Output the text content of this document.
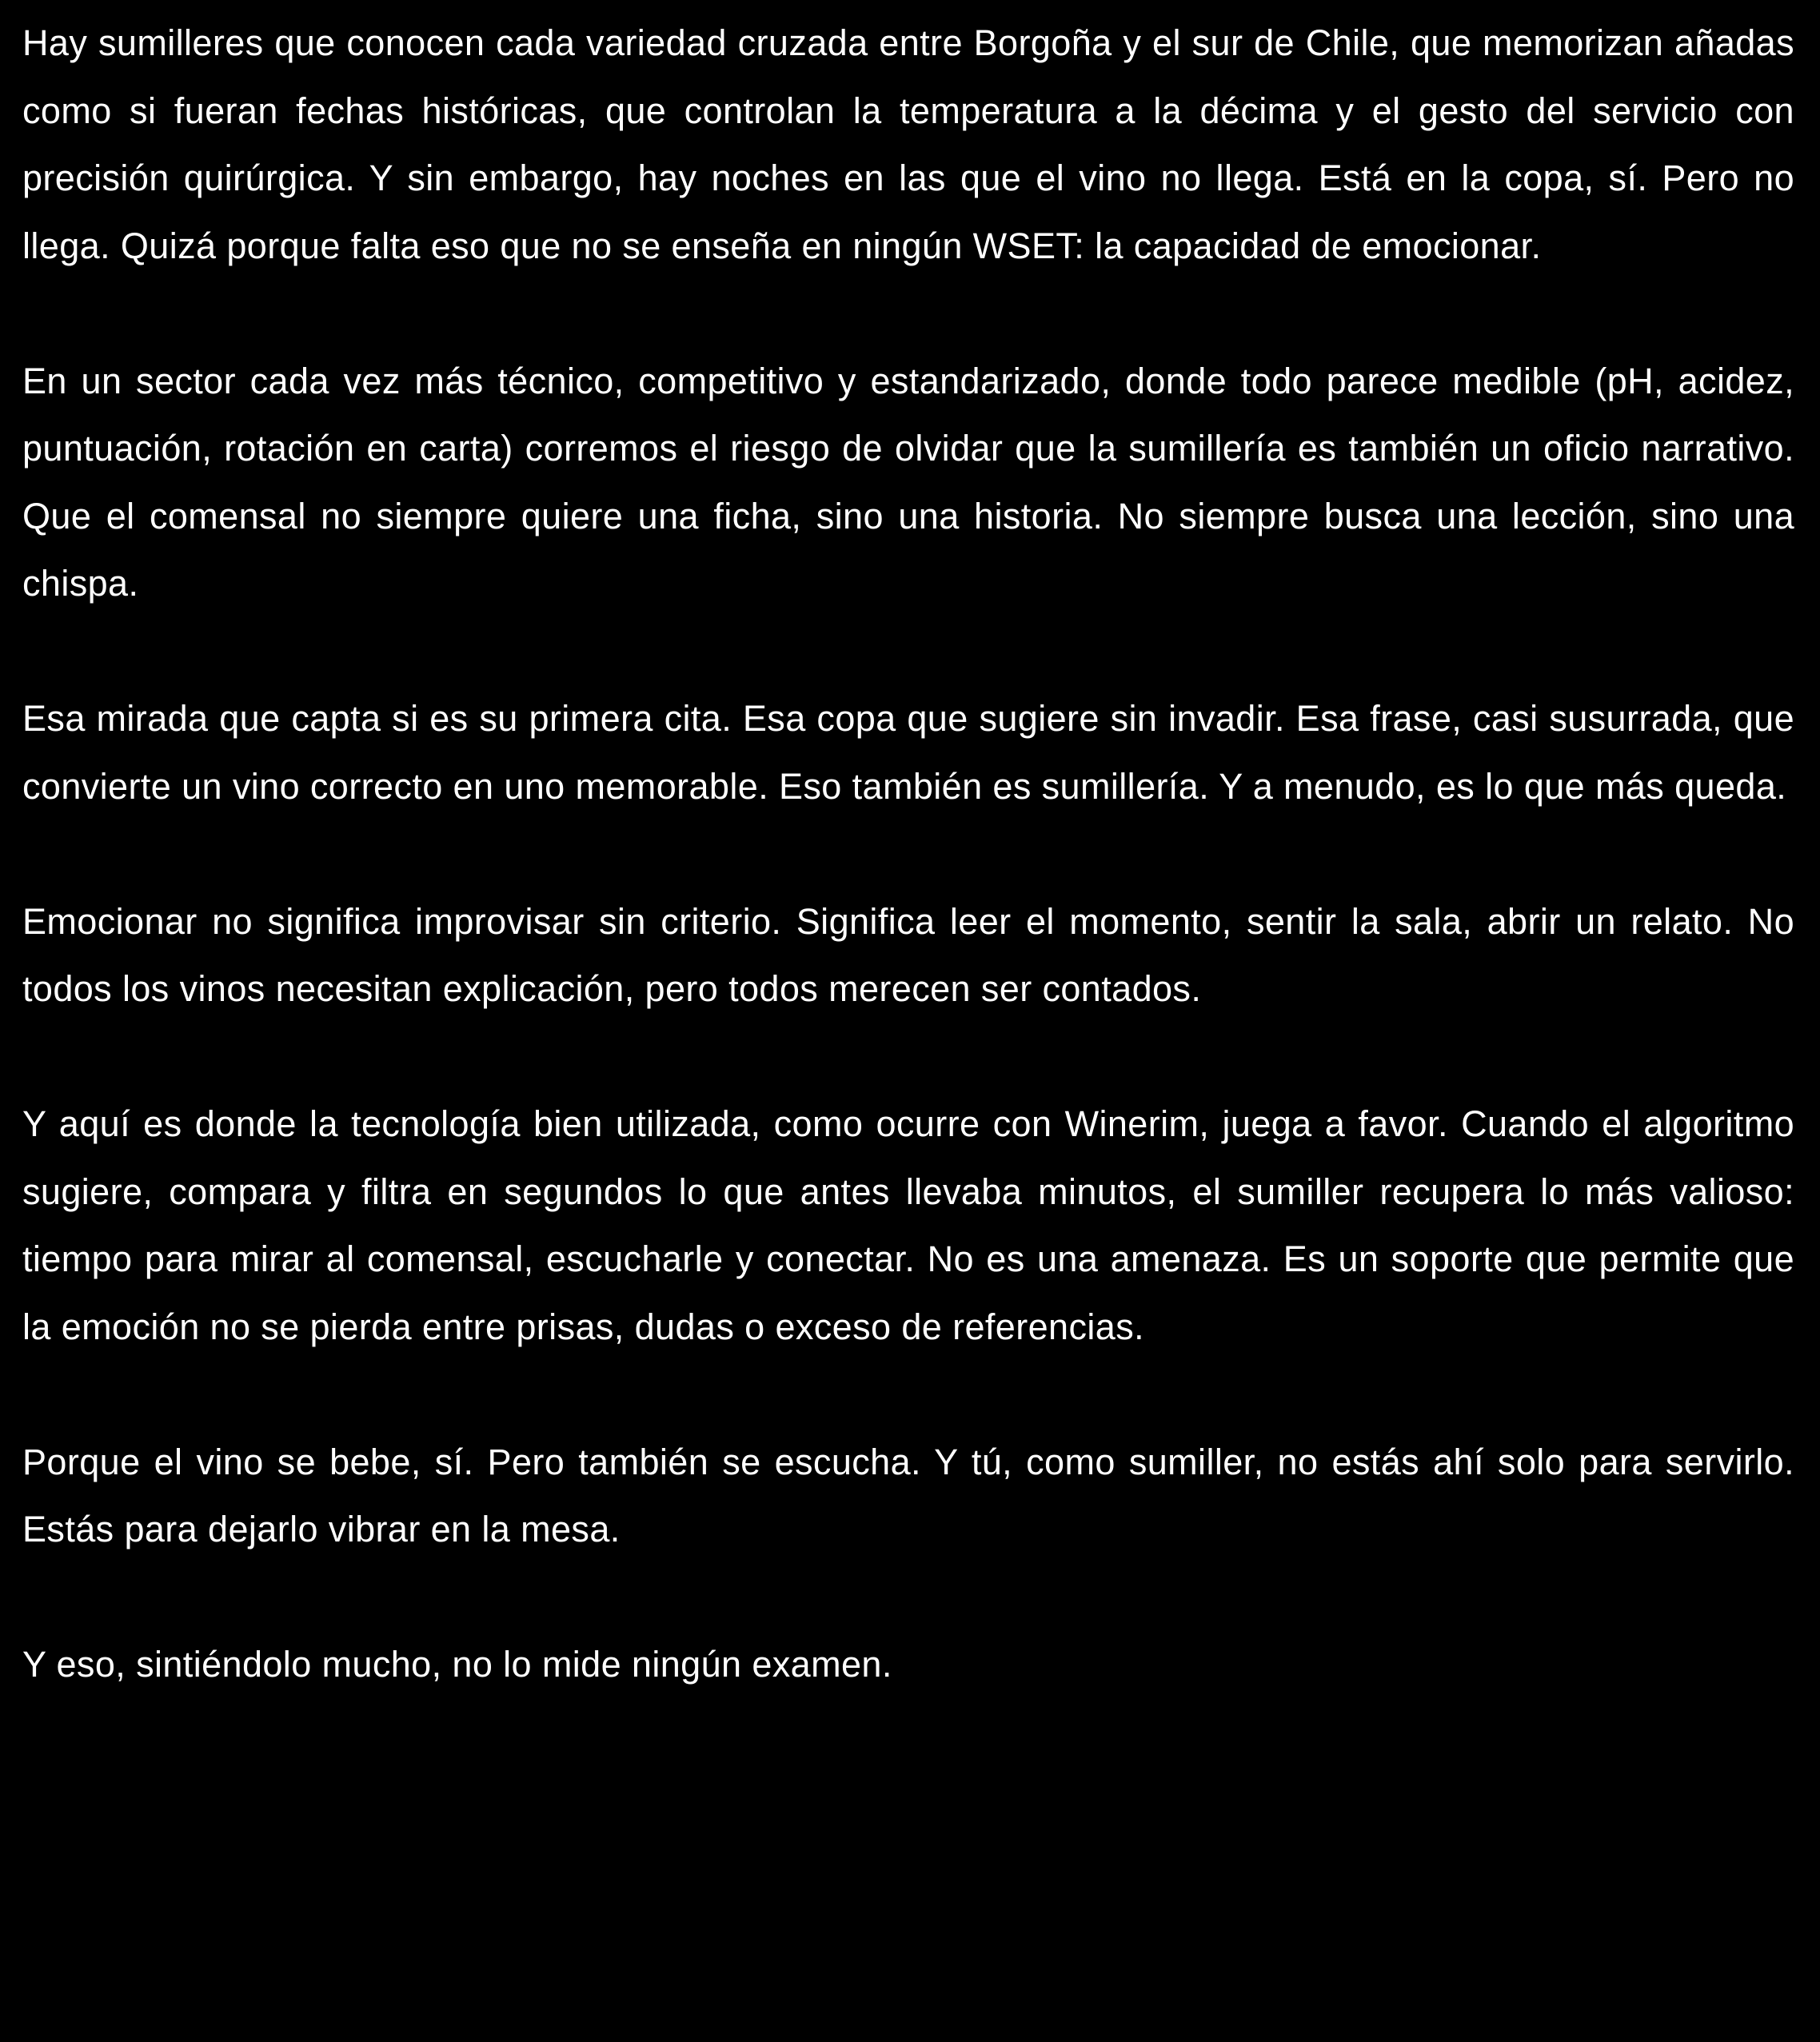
Hay sumilleres que conocen cada variedad cruzada entre Borgoña y el sur de Chile, que memorizan añadas como si fueran fechas históricas, que controlan la temperatura a la décima y el gesto del servicio con precisión quirúrgica. Y sin embargo, hay noches en las que el vino no llega. Está en la copa, sí. Pero no llega. Quizá porque falta eso que no se enseña en ningún WSET: la capacidad de emocionar.

En un sector cada vez más técnico, competitivo y estandarizado, donde todo parece medible (pH, acidez, puntuación, rotación en carta) corremos el riesgo de olvidar que la sumillería es también un oficio narrativo. Que el comensal no siempre quiere una ficha, sino una historia. No siempre busca una lección, sino una chispa.

Esa mirada que capta si es su primera cita. Esa copa que sugiere sin invadir. Esa frase, casi susurrada, que convierte un vino correcto en uno memorable. Eso también es sumillería. Y a menudo, es lo que más queda.

Emocionar no significa improvisar sin criterio. Significa leer el momento, sentir la sala, abrir un relato. No todos los vinos necesitan explicación, pero todos merecen ser contados.

Y aquí es donde la tecnología bien utilizada, como ocurre con Winerim, juega a favor. Cuando el algoritmo sugiere, compara y filtra en segundos lo que antes llevaba minutos, el sumiller recupera lo más valioso: tiempo para mirar al comensal, escucharle y conectar. No es una amenaza. Es un soporte que permite que la emoción no se pierda entre prisas, dudas o exceso de referencias.

Porque el vino se bebe, sí. Pero también se escucha. Y tú, como sumiller, no estás ahí solo para servirlo. Estás para dejarlo vibrar en la mesa.

Y eso, sintiéndolo mucho, no lo mide ningún examen.
